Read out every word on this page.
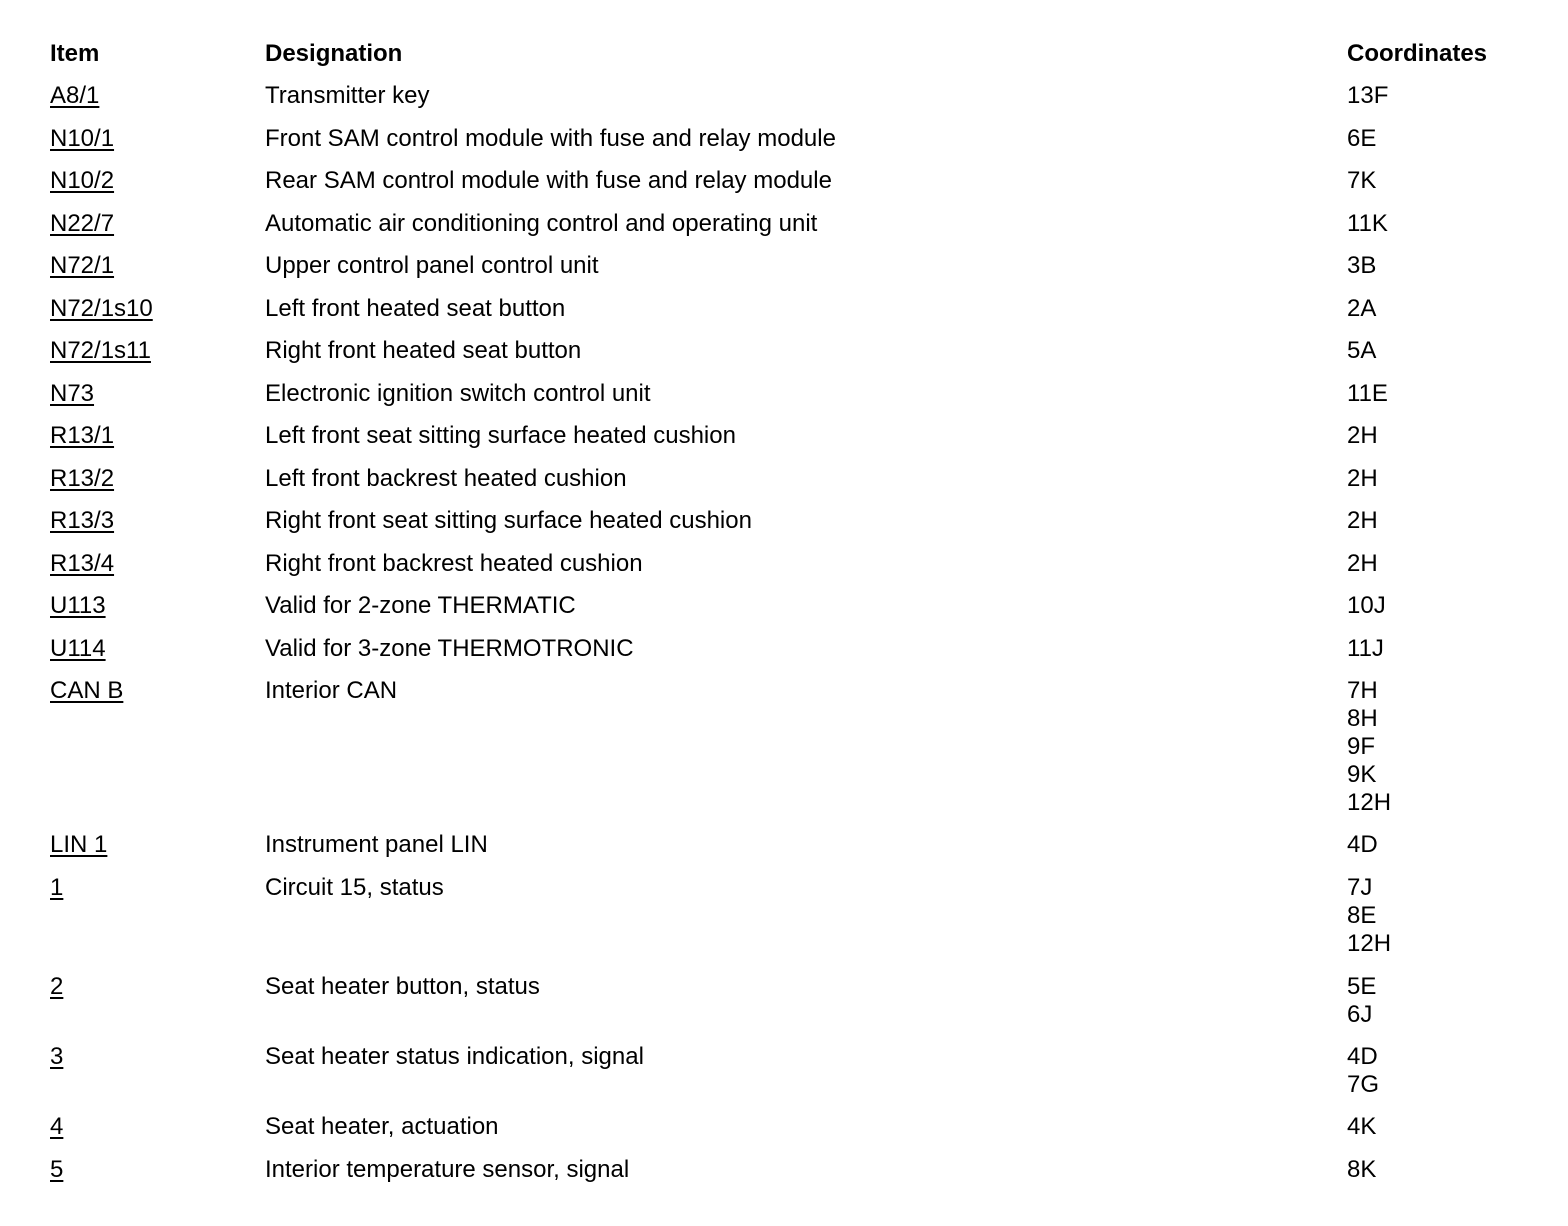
Item	Designation	Coordinates
A8/1	Transmitter key	13F
N10/1	Front SAM control module with fuse and relay module	6E
N10/2	Rear SAM control module with fuse and relay module	7K
N22/7	Automatic air conditioning control and operating unit	11K
N72/1	Upper control panel control unit	3B
N72/1s10	Left front heated seat button	2A
N72/1s11	Right front heated seat button	5A
N73	Electronic ignition switch control unit	11E
R13/1	Left front seat sitting surface heated cushion	2H
R13/2	Left front backrest heated cushion	2H
R13/3	Right front seat sitting surface heated cushion	2H
R13/4	Right front backrest heated cushion	2H
U113	Valid for 2-zone THERMATIC	10J
U114	Valid for 3-zone THERMOTRONIC	11J
CAN B	Interior CAN	7H
8H
9F
9K
12H
LIN 1	Instrument panel LIN	4D
1	Circuit 15, status	7J
8E
12H
2	Seat heater button, status	5E
6J
3	Seat heater status indication, signal	4D
7G
4	Seat heater, actuation	4K
5	Interior temperature sensor, signal	8K
